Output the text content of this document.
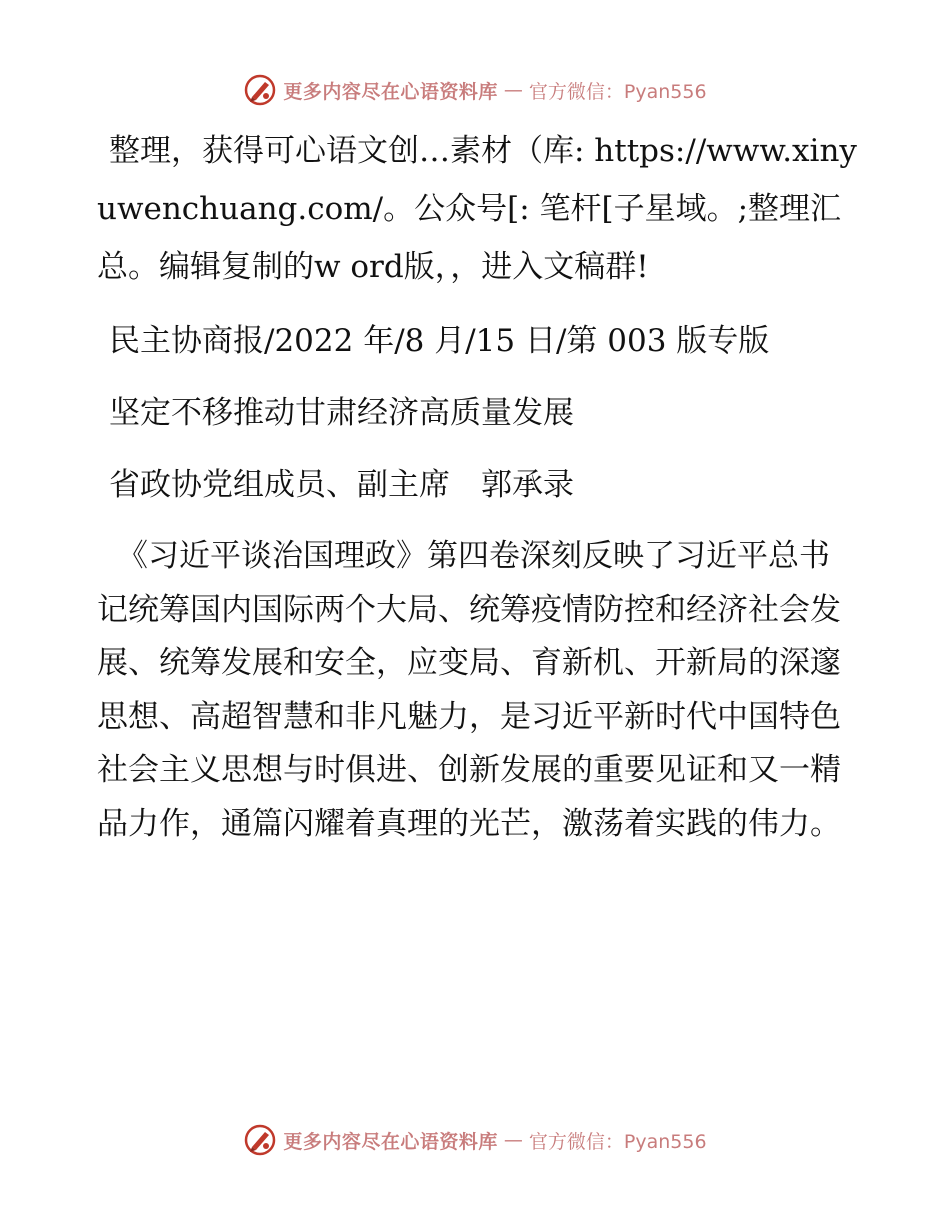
更多内容尽在心语资料库 — 官方微信：Pyan556

整理，获得可心语文创…素材（库: https://www.xinyuwenchuang.com/。公众号[: 笔杆[子星域。;整理汇总。编辑复制的w ord版，，进入文稿群!

民主协商报/2022 年/8 月/15 日/第 003 版专版
坚定不移推动甘肃经济高质量发展
省政协党组成员、副主席　郭承录

《习近平谈治国理政》第四卷深刻反映了习近平总书记统筹国内国际两个大局、统筹疫情防控和经济社会发展、统筹发展和安全，应变局、育新机、开新局的深邃思想、高超智慧和非凡魅力，是习近平新时代中国特色社会主义思想与时俱进、创新发展的重要见证和又一精品力作，通篇闪耀着真理的光芒，激荡着实践的伟力。

更多内容尽在心语资料库 — 官方微信：Pyan556
